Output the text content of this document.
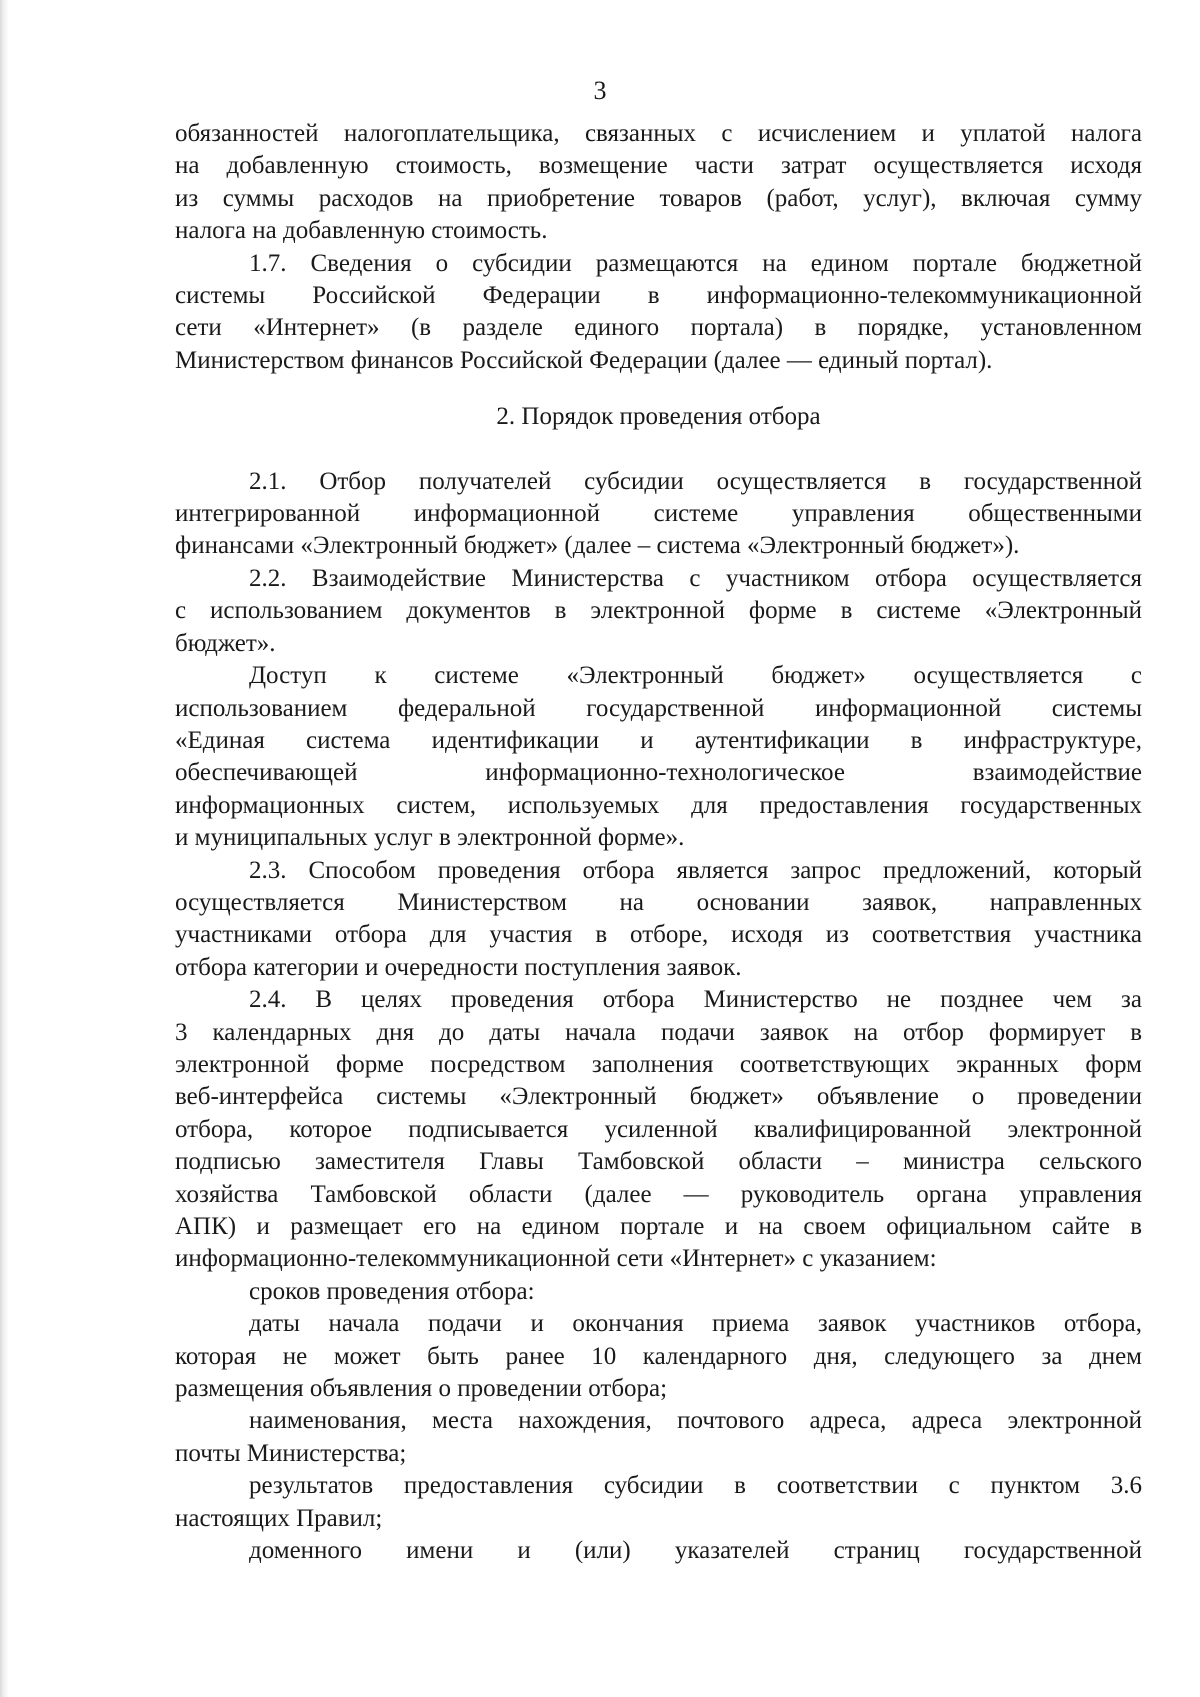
3

обязанностей налогоплательщика, связанных с исчислением и уплатой налога
на добавленную стоимость, возмещение части затрат осуществляется исходя
из суммы расходов на приобретение товаров (работ, услуг), включая сумму
налога на добавленную стоимость.

1.7. Сведения о субсидии размещаются на едином портале бюджетной
системы Российской Федерации в информационно-телекоммуникационной
сети «Интернет» (в разделе единого портала) в порядке, установленном
Министерством финансов Российской Федерации (далее — единый портал).

2. Порядок проведения отбора

2.1. Отбор получателей субсидии осуществляется в государственной
интегрированной информационной системе управления общественными
финансами «Электронный бюджет» (далее – система «Электронный бюджет»).

2.2. Взаимодействие Министерства с участником отбора осуществляется
с использованием документов в электронной форме в системе «Электронный
бюджет».

Доступ к системе «Электронный бюджет» осуществляется с
использованием федеральной государственной информационной системы
«Единая система идентификации и аутентификации в инфраструктуре,
обеспечивающей информационно-технологическое взаимодействие
информационных систем, используемых для предоставления государственных
и муниципальных услуг в электронной форме».

2.3. Способом проведения отбора является запрос предложений, который
осуществляется Министерством на основании заявок, направленных
участниками отбора для участия в отборе, исходя из соответствия участника
отбора категории и очередности поступления заявок.

2.4. В целях проведения отбора Министерство не позднее чем за
3 календарных дня до даты начала подачи заявок на отбор формирует в
электронной форме посредством заполнения соответствующих экранных форм
веб-интерфейса системы «Электронный бюджет» объявление о проведении
отбора, которое подписывается усиленной квалифицированной электронной
подписью заместителя Главы Тамбовской области – министра сельского
хозяйства Тамбовской области (далее — руководитель органа управления
АПК) и размещает его на едином портале и на своем официальном сайте в
информационно-телекоммуникационной сети «Интернет» с указанием:

сроков проведения отбора:

даты начала подачи и окончания приема заявок участников отбора,
которая не может быть ранее 10 календарного дня, следующего за днем
размещения объявления о проведении отбора;

наименования, места нахождения, почтового адреса, адреса электронной
почты Министерства;

результатов предоставления субсидии в соответствии с пунктом 3.6
настоящих Правил;

доменного имени и (или) указателей страниц государственной
